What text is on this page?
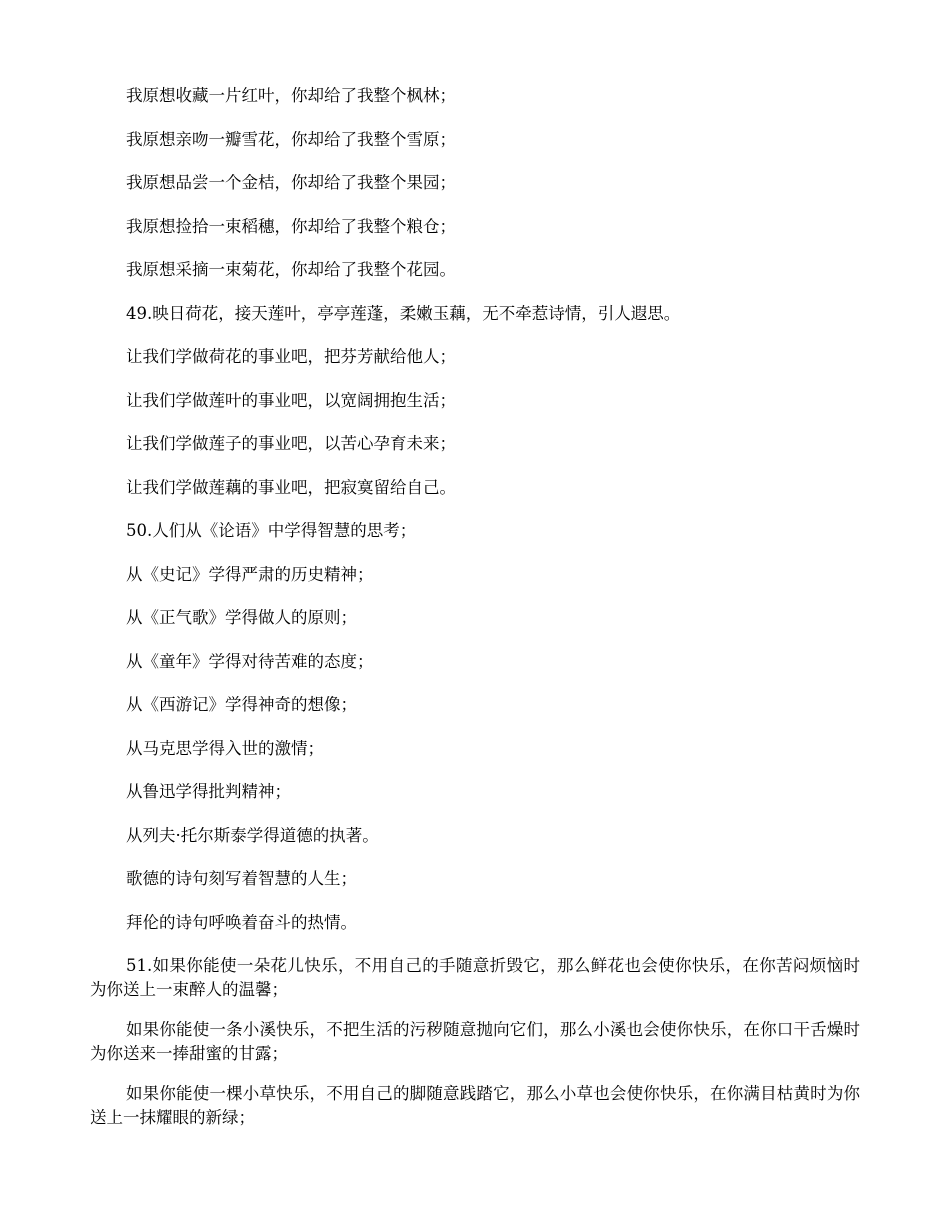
我原想收藏一片红叶，你却给了我整个枫林；

我原想亲吻一瓣雪花，你却给了我整个雪原；

我原想品尝一个金桔，你却给了我整个果园；

我原想捡拾一束稻穗，你却给了我整个粮仓；

我原想采摘一束菊花，你却给了我整个花园。

49.映日荷花，接天莲叶，亭亭莲蓬，柔嫩玉藕，无不牵惹诗情，引人遐思。

让我们学做荷花的事业吧，把芬芳献给他人；

让我们学做莲叶的事业吧，以宽阔拥抱生活；

让我们学做莲子的事业吧，以苦心孕育未来；

让我们学做莲藕的事业吧，把寂寞留给自己。

50.人们从《论语》中学得智慧的思考；

从《史记》学得严肃的历史精神；

从《正气歌》学得做人的原则；

从《童年》学得对待苦难的态度；

从《西游记》学得神奇的想像；

从马克思学得入世的激情；

从鲁迅学得批判精神；

从列夫·托尔斯泰学得道德的执著。

歌德的诗句刻写着智慧的人生；

拜伦的诗句呼唤着奋斗的热情。

51.如果你能使一朵花儿快乐，不用自己的手随意折毁它，那么鲜花也会使你快乐，在你苦闷烦恼时为你送上一束醉人的温馨；

如果你能使一条小溪快乐，不把生活的污秽随意抛向它们，那么小溪也会使你快乐，在你口干舌燥时为你送来一捧甜蜜的甘露；

如果你能使一棵小草快乐，不用自己的脚随意践踏它，那么小草也会使你快乐，在你满目枯黄时为你送上一抹耀眼的新绿；
